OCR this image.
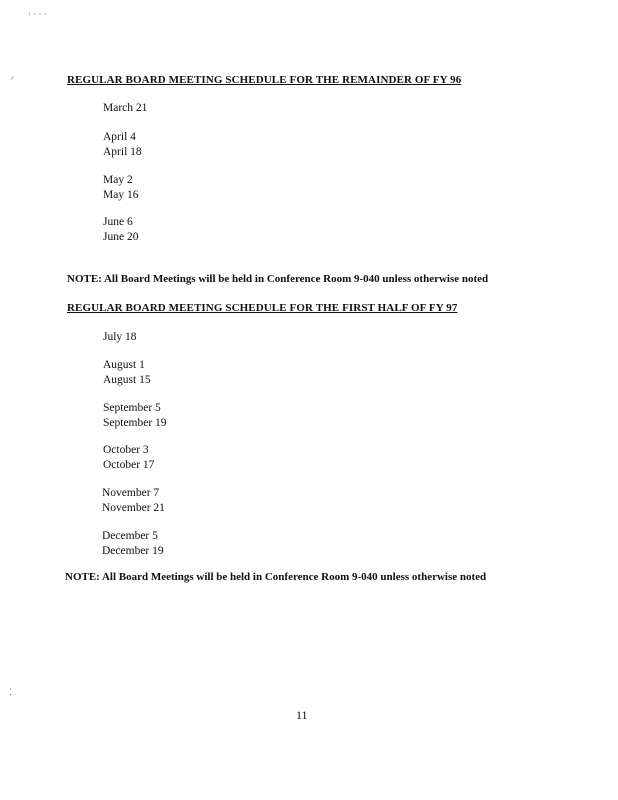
· · · ·
⸝
⁚
REGULAR BOARD MEETING SCHEDULE FOR THE REMAINDER OF FY 96
March 21
April 4
April 18
May 2
May 16
June 6
June 20
NOTE: All Board Meetings will be held in Conference Room 9-040 unless otherwise noted
REGULAR BOARD MEETING SCHEDULE FOR THE FIRST HALF OF FY 97
July 18
August 1
August 15
September 5
September 19
October 3
October 17
November 7
November 21
December 5
December 19
NOTE: All Board Meetings will be held in Conference Room 9-040 unless otherwise noted
11
